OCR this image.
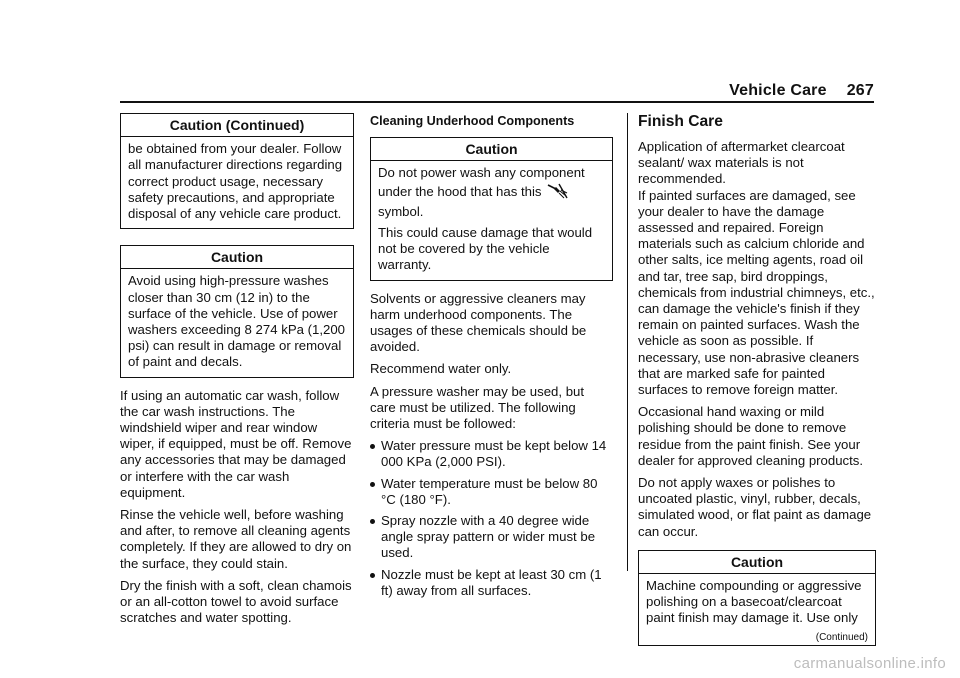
Vehicle Care 267
Caution (Continued)

be obtained from your dealer. Follow all manufacturer directions regarding correct product usage, necessary safety precautions, and appropriate disposal of any vehicle care product.

Caution

Avoid using high-pressure washes closer than 30 cm (12 in) to the surface of the vehicle. Use of power washers exceeding 8 274 kPa (1,200 psi) can result in damage or removal of paint and decals.

If using an automatic car wash, follow the car wash instructions. The windshield wiper and rear window wiper, if equipped, must be off. Remove any accessories that may be damaged or interfere with the car wash equipment.

Rinse the vehicle well, before washing and after, to remove all cleaning agents completely. If they are allowed to dry on the surface, they could stain.

Dry the finish with a soft, clean chamois or an all-cotton towel to avoid surface scratches and water spotting.

Cleaning Underhood Components
Caution

Do not power wash any component under the hood that has this
symbol.

This could cause damage that would not be covered by the vehicle warranty.

Solvents or aggressive cleaners may harm underhood components. The usages of these chemicals should be avoided.

Recommend water only.

A pressure washer may be used, but care must be utilized. The following criteria must be followed:

Water pressure must be kept below 14 000 KPa (2,000 PSI).
Water temperature must be below 80 °C (180 °F).
Spray nozzle with a 40 degree wide angle spray pattern or wider must be used.
Nozzle must be kept at least 30 cm (1 ft) away from all surfaces.
Finish Care

Application of aftermarket clearcoat sealant/ wax materials is not recommended.

If painted surfaces are damaged, see your dealer to have the damage assessed and repaired. Foreign materials such as calcium chloride and other salts, ice melting agents, road oil and tar, tree sap, bird droppings, chemicals from industrial chimneys, etc., can damage the vehicle's finish if they remain on painted surfaces. Wash the vehicle as soon as possible. If necessary, use non-abrasive cleaners that are marked safe for painted surfaces to remove foreign matter.

Occasional hand waxing or mild polishing should be done to remove residue from the paint finish. See your dealer for approved cleaning products.

Do not apply waxes or polishes to uncoated plastic, vinyl, rubber, decals, simulated wood, or flat paint as damage can occur.

Caution

Machine compounding or aggressive polishing on a basecoat/clearcoat paint finish may damage it. Use only

(Continued)
carmanualsonline.info
